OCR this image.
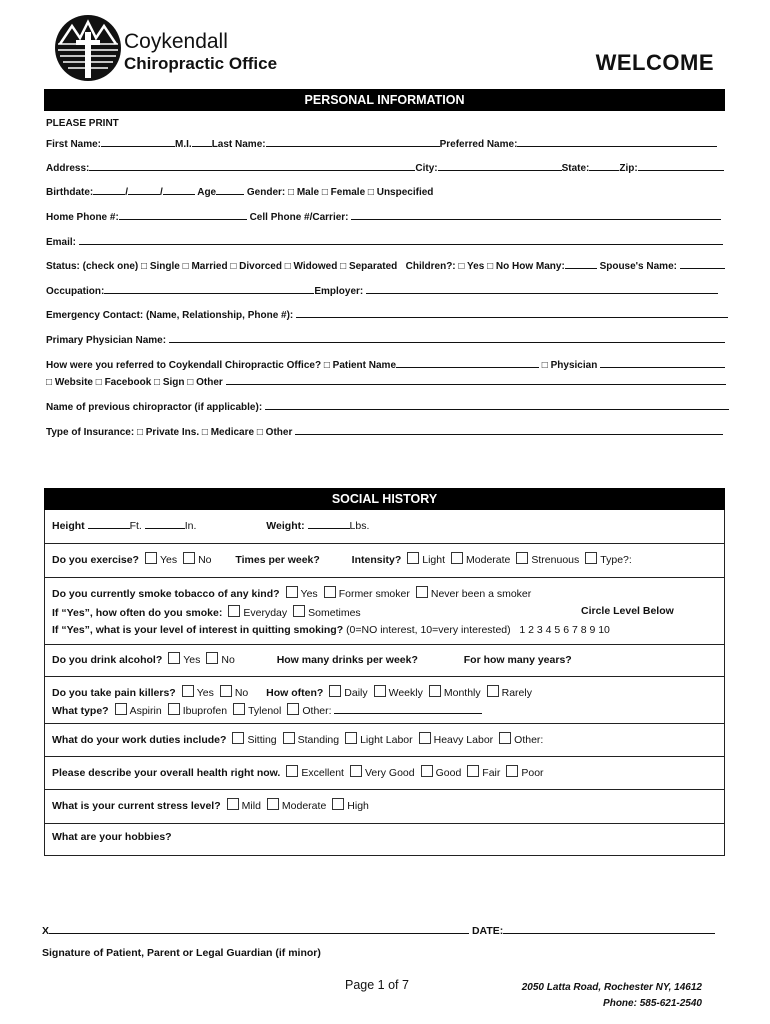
Coykendall
Chiropractic Office	WELCOME
PERSONAL INFORMATION
PLEASE PRINT
First Name:	M.I. Last Name:	Preferred Name:
Address:	City:	State:	Zip:
Birthdate:	/	/	Age	Gender: □ Male □ Female □ Unspecified
Home Phone #:	Cell Phone #/Carrier:
Email:
Status: (check one) □ Single □ Married □ Divorced □ Widowed □ Separated Children?: □ Yes □ No How Many:	Spouse's Name:
Occupation:	Employer:
Emergency Contact: (Name, Relationship, Phone #):
Primary Physician Name:
How were you referred to Coykendall Chiropractic Office? □ Patient Name	□ Physician
□ Website □ Facebook □ Sign □ Other
Name of previous chiropractor (if applicable):
Type of Insurance: □ Private Ins. □ Medicare □ Other
SOCIAL HISTORY
Height	Ft.	In.	Weight:	Lbs.
Do you exercise? Yes No Times per week?	Intensity? Light Moderate Strenuous Type?:
Do you currently smoke tobacco of any kind? Yes Former smoker Never been a smoker
If “Yes”, how often do you smoke: Everyday Sometimes	Circle Level Below
If “Yes”, what is your level of interest in quitting smoking? (0=NO interest, 10=very interested) 1 2 3 4 5 6 7 8 9 10
Do you drink alcohol? Yes No	How many drinks per week?	For how many years?
Do you take pain killers? Yes No How often? Daily Weekly Monthly Rarely
What type? Aspirin Ibuprofen Tylenol Other:
What do your work duties include? Sitting Standing Light Labor Heavy Labor Other:
Please describe your overall health right now. Excellent Very Good Good Fair Poor
What is your current stress level? Mild Moderate High
What are your hobbies?
X	DATE:
Signature of Patient, Parent or Legal Guardian (if minor)
Page 1 of 7	2050 Latta Road, Rochester NY, 14612
Phone: 585-621-2540
